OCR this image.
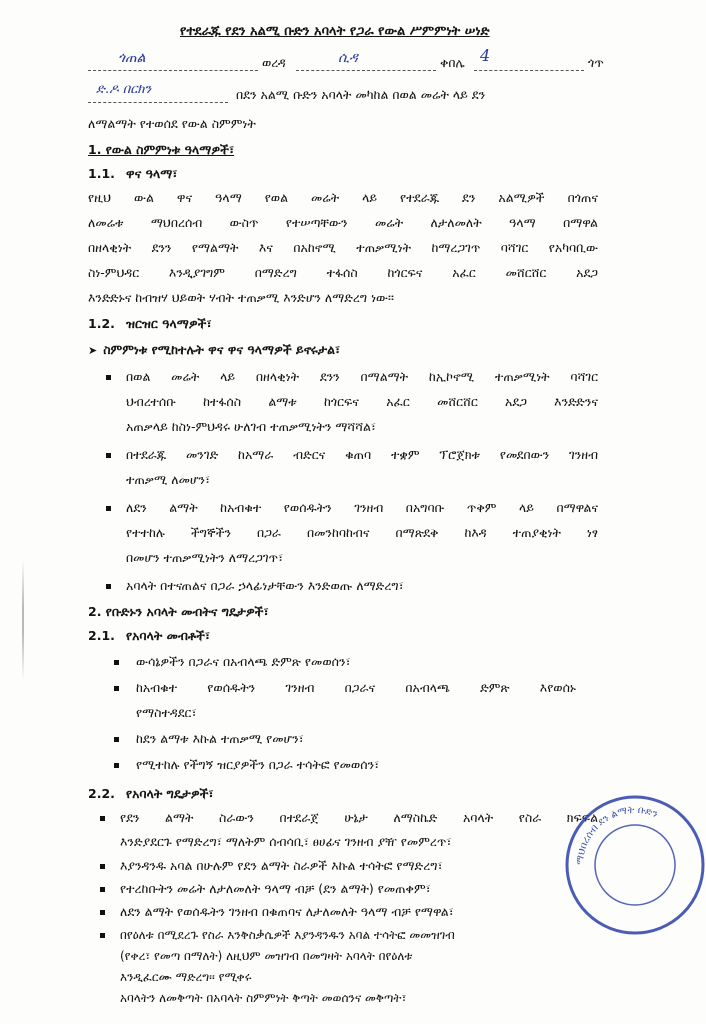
የተደራጁ የደን አልሚ ቡድን አባላት የጋራ የውል ሥምምነት ሠነድ
ጎጠል	ወረዳ	ሲዳ	ቀበሌ 4	ጎጥ
ድ.ዶ በርክን	በደን አልሚ ቡድን አባላት መካከል በወል መሬት ላይ ደን
ለማልማት የተወሰደ የውል ስምምነት
1. የውል ስምምነቱ ዓላማዎች፣
1.1. ዋና ዓላማ፣
የዚህ ውል ዋና ዓላማ የወል መሬት ላይ የተደራጁ ደን አልሚዎች በጎጠና
ለመሬቱ ማህበረሰብ ውስጥ የተሠጣቸውን መሬት ለታለመለት ዓላማ በማዋል
በዘላቂነት ደንን የማልማት እና በአከኖሚ ተጠቃሚነት ከማረጋገጥ ባሻገር የአካባቢው
ስነ-ምህዳር እንዲያገግም በማድረግ ተፋሰስ ከጎርፍና አፈር መሸርሸር አደጋ
እንድድኑና ከብዝሃ ህይወት ሃብት ተጠቃሚ እንድሆን ለማድረግ ነው፡፡
1.2. ዝርዝር ዓላማዎች፣
➤ ስምምነቱ የሚከተሉት ዋና ዋና ዓላማዎች ይኖሩታል፣
በወል መሬት ላይ በዘላቂነት ደንን በማልማት ከኢኮኖሚ ተጠቃሚነት ባሻገር
ህብረተሰቡ ከተፋሰስ ልማቱ ከጎርፍና አፈር መሸርሸር አደጋ እንድድንና
አጠቃላይ ከስነ-ምህዳሩ ሁለገብ ተጠቃሚነትን ማሻሻል፣
በተደራጁ መንገድ ከአማራ ብድርና ቁጠባ ተቋም ፕሮጀክቱ የመደበውን ገንዘብ
ተጠቃሚ ለመሆን፣
ለደን ልማት ከአብቁተ የወሰዱትን ገንዘብ በአግባቡ ጥቅም ላይ በማዋልና
የተተከሉ ችግኞችን በጋራ በመንከባከብና በማጽደቅ ከእዳ ተጠያቂነት ነፃ
በመሆን ተጠቃሚነትን ለማረጋገጥ፣
አባላት በተናጠልና በጋራ ኃላፊነታቸውን እንድወጡ ለማድረግ፣
2. የቡድኑን አባላት መብትና ግዴታዎች፣
2.1. የአባላት መብቶች፣
ውሳኔዎችን በጋራና በአብላጫ ድምጽ የመወሰን፣
ከአብቁተ የወሰዱትን ገንዘብ በጋራና በአብላጫ ድምጽ እየወሰኑ
የማስተዳደር፣
ከደን ልማቱ እኩል ተጠቃሚ የመሆን፣
የሚተከሉ የችግኝ ዝርያዎችን በጋራ ተሳትፎ የመወሰን፣
2.2. የአባላት ግዴታዎች፣
የደን ልማት ስራውን በተደራጀ ሁኔታ ለማስኬድ አባላት የስራ ክፍፍል
እንድያደርጉ የማድረግ፣ ማለትም ሰብሳቢ፣ ፀሀፊና ገንዘብ ያዥ የመምረጥ፣
እያንዳንዱ አባል በሁሉም የደን ልማት ስራዎች እኩል ተሳትፎ የማድረግ፣
የተረከቡትን መሬት ለታለመለት ዓላማ ብቻ (ደን ልማት) የመጠቀም፣
ለደን ልማት የወሰዱትን ገንዘብ በቁጠባና ለታለመለት ዓላማ ብቻ የማዋል፣
በየዕለቱ በሚደረጉ የስራ እንቅስቃሴዎች እያንዳንዱን አባል ተሳትፎ መመዝገብ
(የቀረ፣ የመጣ በማለት) ለዚህም መዝገብ በመግዛት አባላት በየዕለቱ
እንዲፈርሙ ማድረግ፡፡ የሚቀሩ
አባላትን ለመቅጣት በአባላት ስምምነት ቅጣት መወሰንና መቅጣት፣
ማህበረሰብ ደን ልማት ቡድን
